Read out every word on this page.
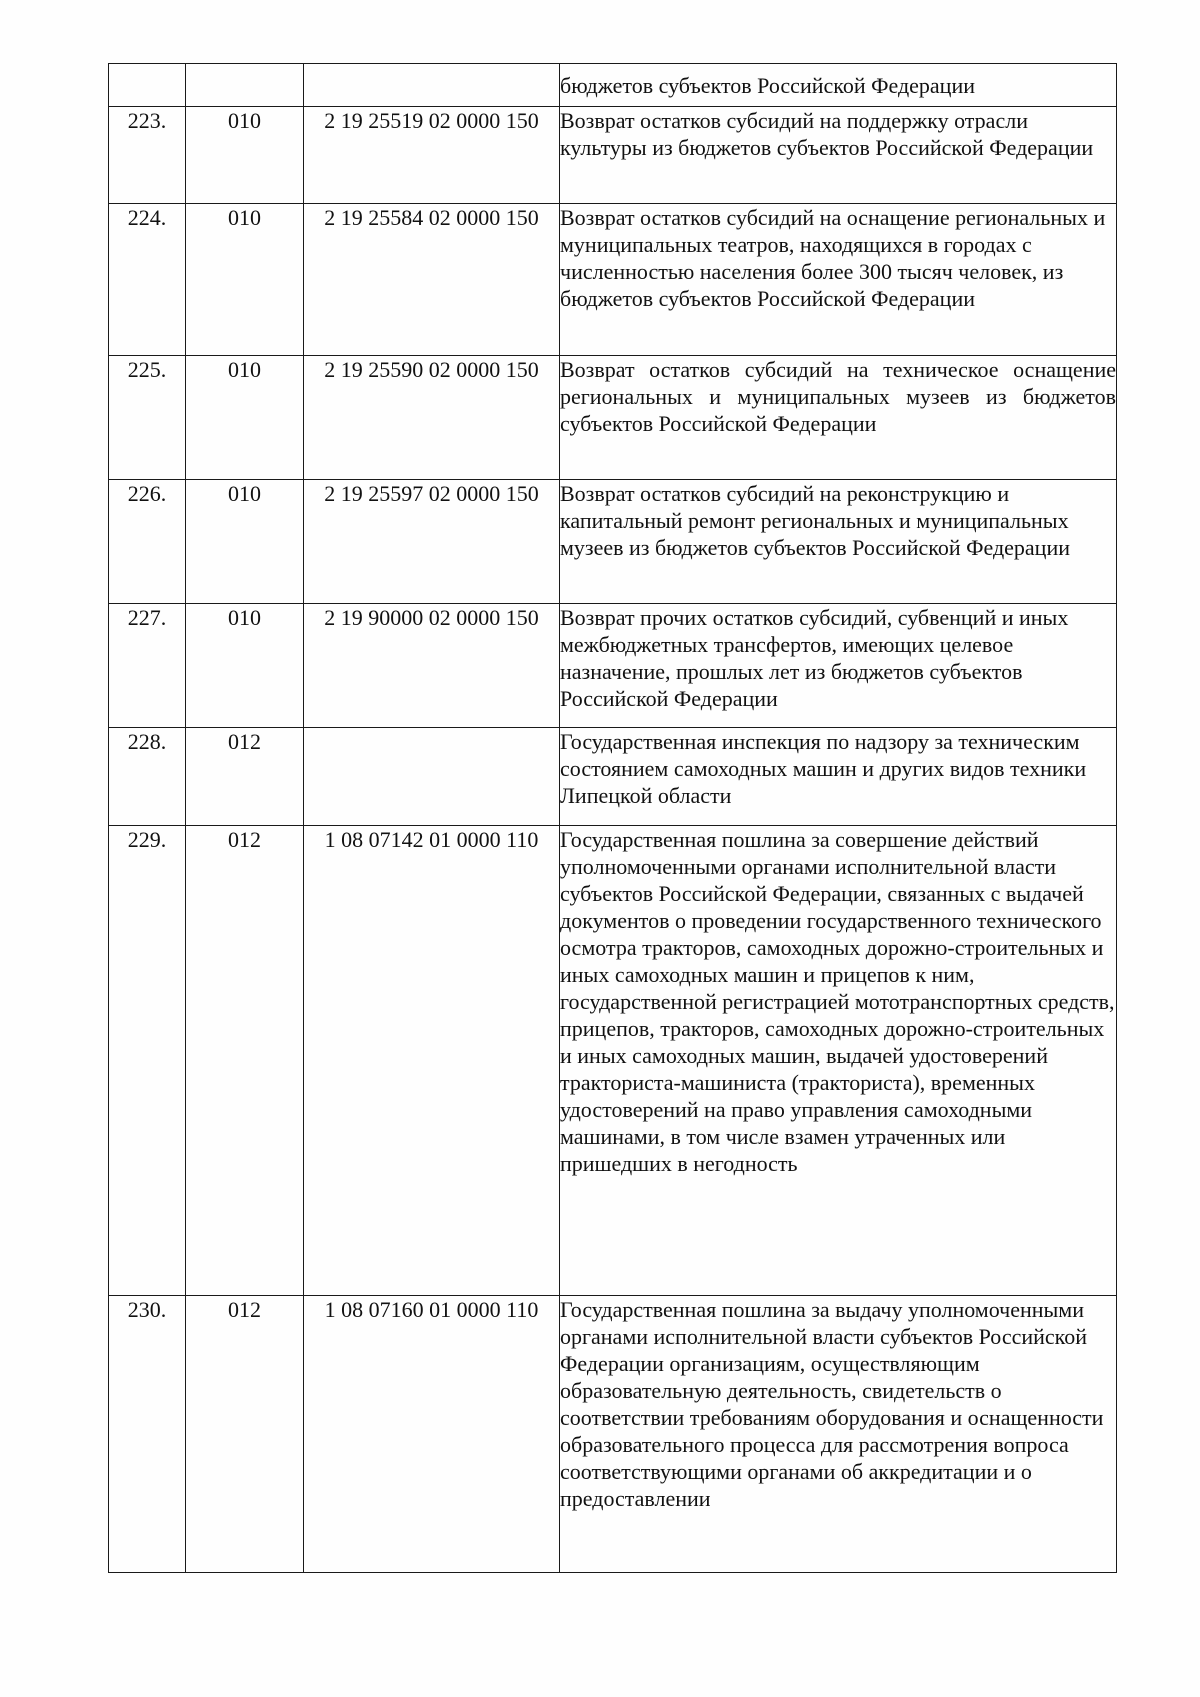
			бюджетов субъектов Российской Федерации
223.	010	2 19 25519 02 0000 150	Возврат остатков субсидий на поддержку отрасли культуры из бюджетов субъектов Российской Федерации
224.	010	2 19 25584 02 0000 150	Возврат остатков субсидий на оснащение региональных и муниципальных театров, находящихся в городах с численностью населения более 300 тысяч человек, из бюджетов субъектов Российской Федерации
225.	010	2 19 25590 02 0000 150	Возврат остатков субсидий на техническое оснащение региональных и муниципальных музеев из бюджетов субъектов Российской Федерации
226.	010	2 19 25597 02 0000 150	Возврат остатков субсидий на реконструкцию и капитальный ремонт региональных и муниципальных музеев из бюджетов субъектов Российской Федерации
227.	010	2 19 90000 02 0000 150	Возврат прочих остатков субсидий, субвенций и иных межбюджетных трансфертов, имеющих целевое назначение, прошлых лет из бюджетов субъектов Российской Федерации
228.	012		Государственная инспекция по надзору за техническим состоянием самоходных машин и других видов техники Липецкой области
229.	012	1 08 07142 01 0000 110	Государственная пошлина за совершение действий уполномоченными органами исполнительной власти субъектов Российской Федерации, связанных с выдачей документов о проведении государственного технического осмотра тракторов, самоходных дорожно-строительных и иных самоходных машин и прицепов к ним, государственной регистрацией мототранспортных средств, прицепов, тракторов, самоходных дорожно-строительных и иных самоходных машин, выдачей удостоверений тракториста-машиниста (тракториста), временных удостоверений на право управления самоходными машинами, в том числе взамен утраченных или пришедших в негодность
230.	012	1 08 07160 01 0000 110	Государственная пошлина за выдачу уполномоченными органами исполнительной власти субъектов Российской Федерации организациям, осуществляющим образовательную деятельность, свидетельств о соответствии требованиям оборудования и оснащенности образовательного процесса для рассмотрения вопроса соответствующими органами об аккредитации и о предоставлении
